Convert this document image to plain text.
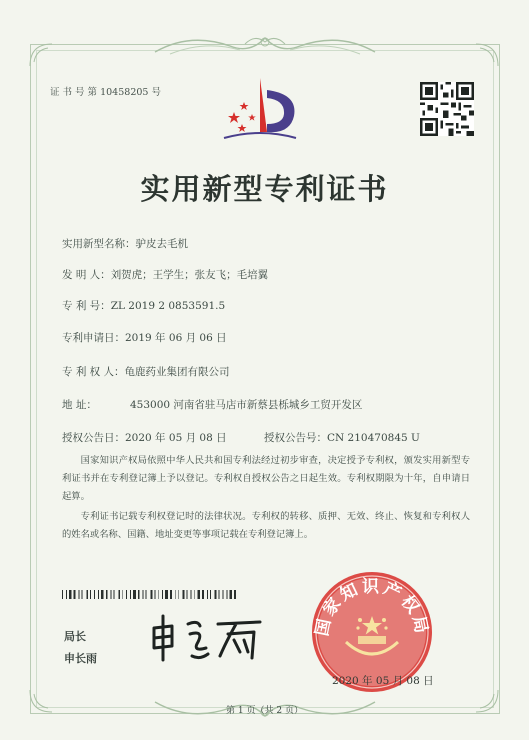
证 书 号 第 10458205 号
实用新型专利证书
实用新型名称：驴皮去毛机
发 明 人：刘贺虎；王学生；张友飞；毛培翼
专 利 号：ZL 2019 2 0853591.5
专利申请日：2019 年 06 月 06 日
专 利 权 人：龟鹿药业集团有限公司
地 址：	453000 河南省驻马店市新蔡县栎城乡工贸开发区
授权公告日：2020 年 05 月 08 日	授权公告号：CN 210470845 U
国家知识产权局依照中华人民共和国专利法经过初步审查，决定授予专利权，颁发实用新型专利证书并在专利登记簿上予以登记。专利权自授权公告之日起生效。专利权期限为十年，自申请日起算。
专利证书记载专利权登记时的法律状况。专利权的转移、质押、无效、终止、恢复和专利权人的姓名或名称、国籍、地址变更等事项记载在专利登记簿上。
局长
申长雨
国家知识产权局
2020 年 05 月 08 日
第 1 页（共 2 页）
